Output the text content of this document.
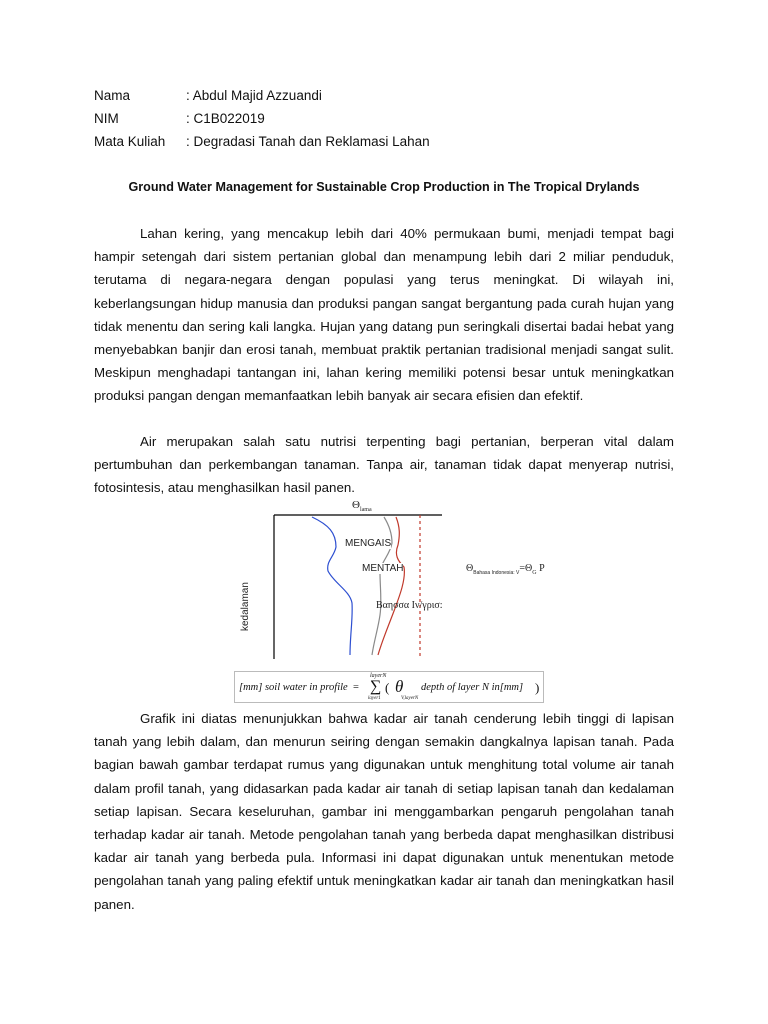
Nama	: Abdul Majid Azzuandi
NIM	: C1B022019
Mata Kuliah : Degradasi Tanah dan Reklamasi Lahan
Ground Water Management for Sustainable Crop Production in The Tropical Drylands

Lahan kering, yang mencakup lebih dari 40% permukaan bumi, menjadi tempat bagi hampir setengah dari sistem pertanian global dan menampung lebih dari 2 miliar penduduk, terutama di negara-negara dengan populasi yang terus meningkat. Di wilayah ini, keberlangsungan hidup manusia dan produksi pangan sangat bergantung pada curah hujan yang tidak menentu dan sering kali langka. Hujan yang datang pun seringkali disertai badai hebat yang menyebabkan banjir dan erosi tanah, membuat praktik pertanian tradisional menjadi sangat sulit. Meskipun menghadapi tantangan ini, lahan kering memiliki potensi besar untuk meningkatkan produksi pangan dengan memanfaatkan lebih banyak air secara efisien dan efektif.

Air merupakan salah satu nutrisi terpenting bagi pertanian, berperan vital dalam pertumbuhan dan perkembangan tanaman. Tanpa air, tanaman tidak dapat menyerap nutrisi, fotosintesis, atau menghasilkan hasil panen.

$\Theta_{lama}$
kedalaman
MENGAIS
MENTAH
Βαησσα Ιν/γρισ:
$\Theta_{Bahasa Indonesia: V}=\Theta_G$ P
[mm] soil water in profile =
layerN
∑
layer1
( θ
V,layerN
depth of layer N in[mm] )

Grafik ini diatas menunjukkan bahwa kadar air tanah cenderung lebih tinggi di lapisan tanah yang lebih dalam, dan menurun seiring dengan semakin dangkalnya lapisan tanah. Pada bagian bawah gambar terdapat rumus yang digunakan untuk menghitung total volume air tanah dalam profil tanah, yang didasarkan pada kadar air tanah di setiap lapisan tanah dan kedalaman setiap lapisan. Secara keseluruhan, gambar ini menggambarkan pengaruh pengolahan tanah terhadap kadar air tanah. Metode pengolahan tanah yang berbeda dapat menghasilkan distribusi kadar air tanah yang berbeda pula. Informasi ini dapat digunakan untuk menentukan metode pengolahan tanah yang paling efektif untuk meningkatkan kadar air tanah dan meningkatkan hasil panen.
